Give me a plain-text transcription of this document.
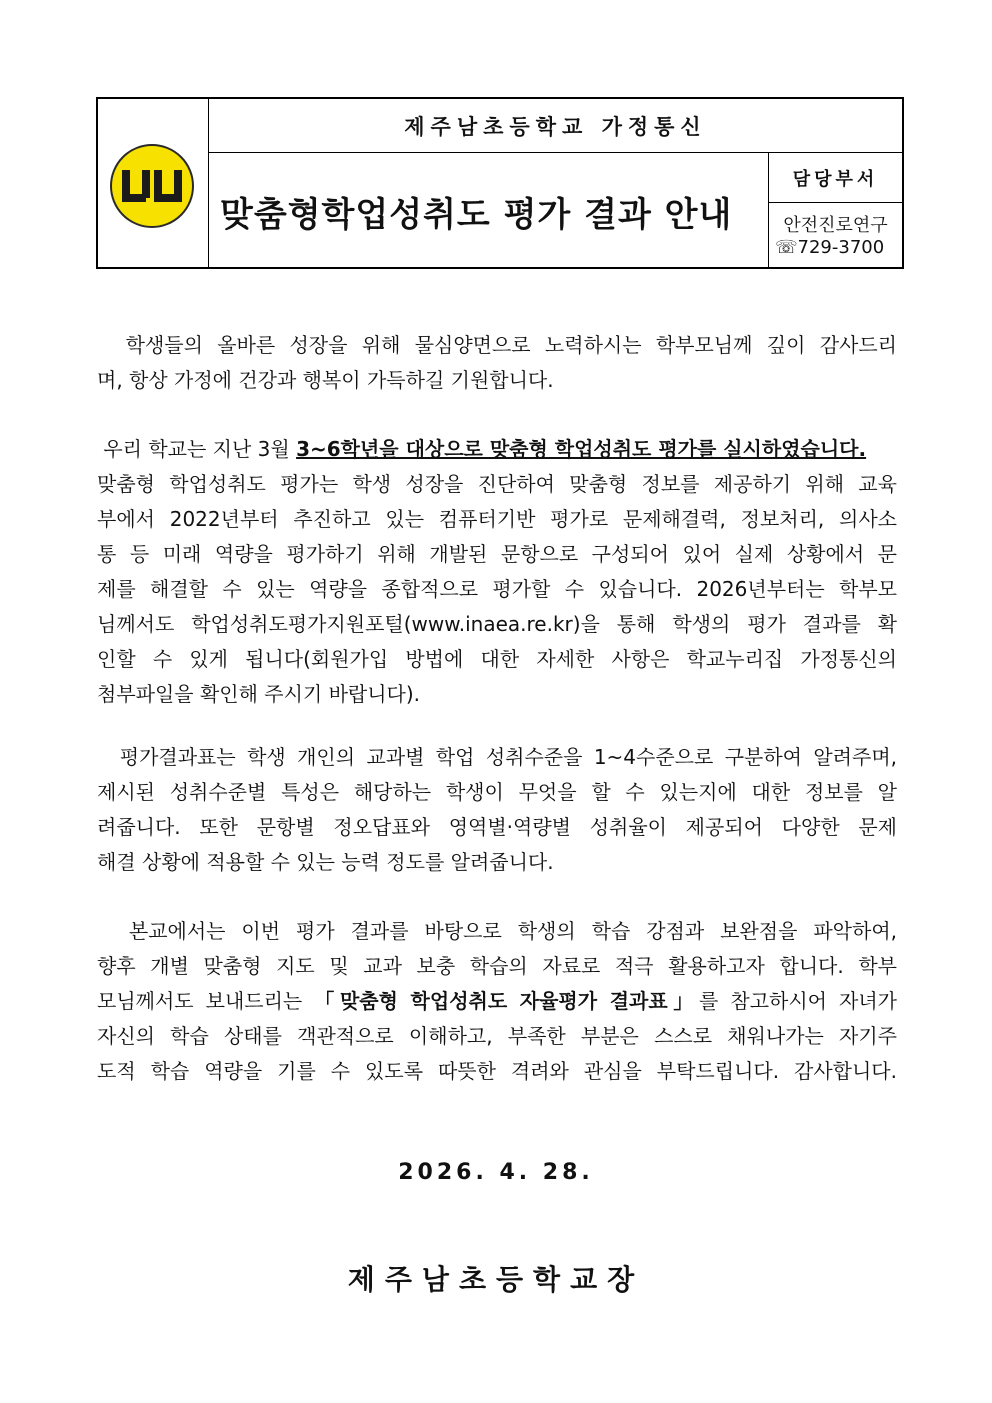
제주남초등학교 가정통신
맞춤형학업성취도 평가 결과 안내
담당부서
안전진로연구
☏729-3700
학생들의 올바른 성장을 위해 물심양면으로 노력하시는 학부모님께 깊이 감사드리
며, 항상 가정에 건강과 행복이 가득하길 기원합니다.
우리 학교는 지난 3월 3~6학년을 대상으로 맞춤형 학업성취도 평가를 실시하였습니다.
맞춤형 학업성취도 평가는 학생 성장을 진단하여 맞춤형 정보를 제공하기 위해 교육
부에서 2022년부터 추진하고 있는 컴퓨터기반 평가로 문제해결력, 정보처리, 의사소
통 등 미래 역량을 평가하기 위해 개발된 문항으로 구성되어 있어 실제 상황에서 문
제를 해결할 수 있는 역량을 종합적으로 평가할 수 있습니다. 2026년부터는 학부모
님께서도 학업성취도평가지원포털(www.inaea.re.kr)을 통해 학생의 평가 결과를 확
인할 수 있게 됩니다(회원가입 방법에 대한 자세한 사항은 학교누리집 가정통신의
첨부파일을 확인해 주시기 바랍니다).
평가결과표는 학생 개인의 교과별 학업 성취수준을 1~4수준으로 구분하여 알려주며,
제시된 성취수준별 특성은 해당하는 학생이 무엇을 할 수 있는지에 대한 정보를 알
려줍니다. 또한 문항별 정오답표와 영역별·역량별 성취율이 제공되어 다양한 문제
해결 상황에 적용할 수 있는 능력 정도를 알려줍니다.
본교에서는 이번 평가 결과를 바탕으로 학생의 학습 강점과 보완점을 파악하여,
향후 개별 맞춤형 지도 및 교과 보충 학습의 자료로 적극 활용하고자 합니다. 학부
모님께서도 보내드리는 「맞춤형 학업성취도 자율평가 결과표」를 참고하시어 자녀가
자신의 학습 상태를 객관적으로 이해하고, 부족한 부분은 스스로 채워나가는 자기주
도적 학습 역량을 기를 수 있도록 따뜻한 격려와 관심을 부탁드립니다. 감사합니다.
2026. 4. 28.
제주남초등학교장
